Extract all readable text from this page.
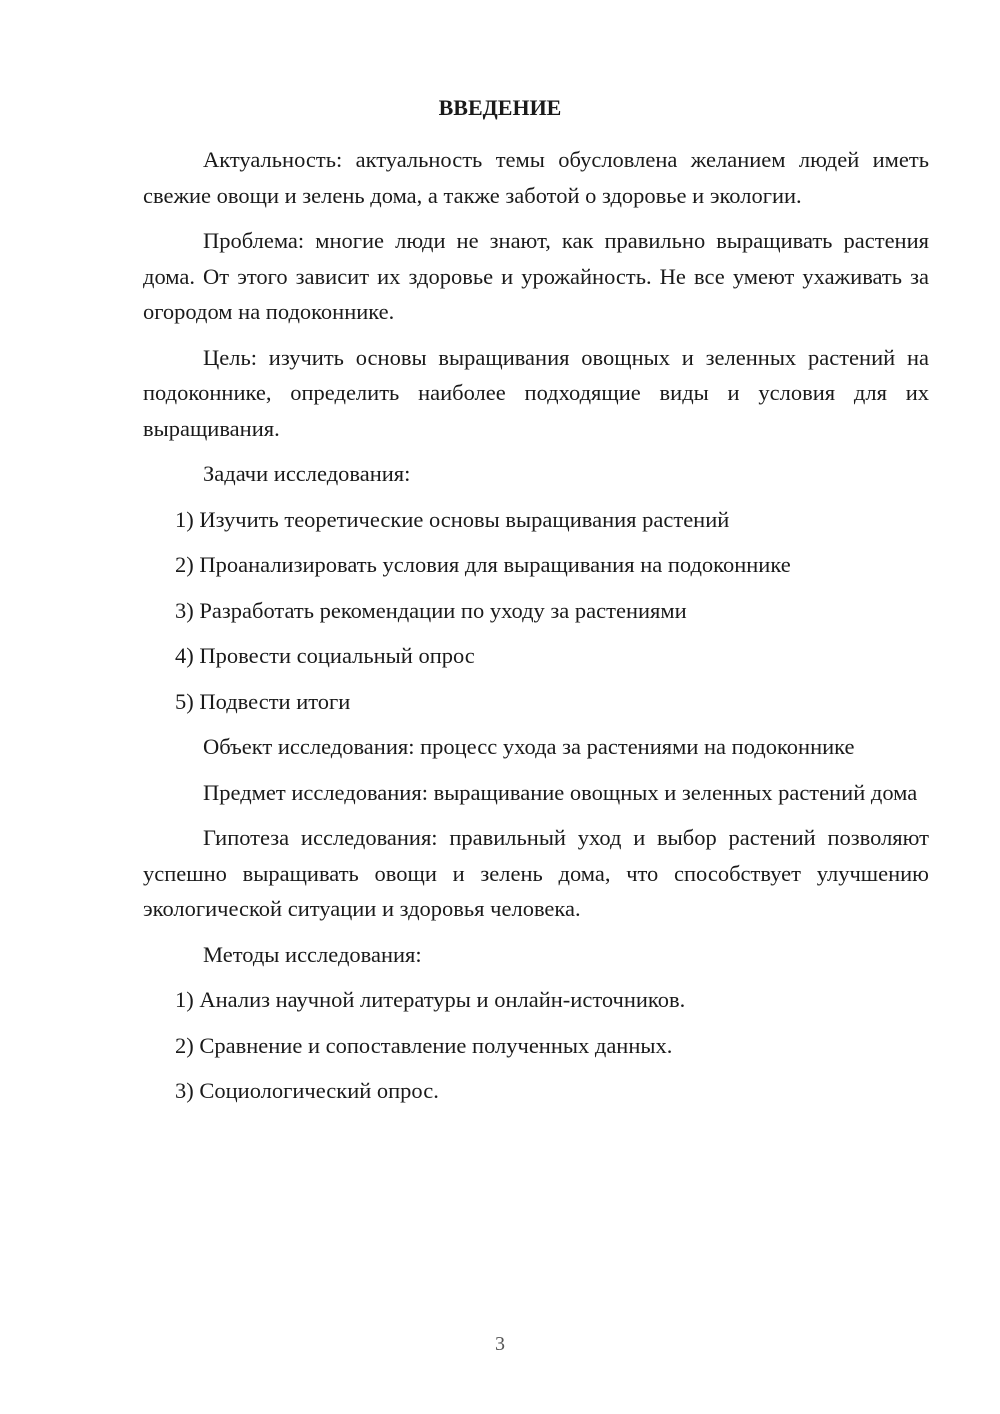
ВВЕДЕНИЕ

Актуальность: актуальность темы обусловлена желанием людей иметь свежие овощи и зелень дома, а также заботой о здоровье и экологии.

Проблема: многие люди не знают, как правильно выращивать растения дома. От этого зависит их здоровье и урожайность. Не все умеют ухаживать за огородом на подоконнике.

Цель: изучить основы выращивания овощных и зеленных растений на подоконнике, определить наиболее подходящие виды и условия для их выращивания.

Задачи исследования:

1) Изучить теоретические основы выращивания растений

2) Проанализировать условия для выращивания на подоконнике

3) Разработать рекомендации по уходу за растениями

4) Провести социальный опрос

5) Подвести итоги

Объект исследования: процесс ухода за растениями на подоконнике

Предмет исследования: выращивание овощных и зеленных растений дома

Гипотеза исследования: правильный уход и выбор растений позволяют успешно выращивать овощи и зелень дома, что способствует улучшению экологической ситуации и здоровья человека.

Методы исследования:

1) Анализ научной литературы и онлайн-источников.

2) Сравнение и сопоставление полученных данных.

3) Социологический опрос.

3
